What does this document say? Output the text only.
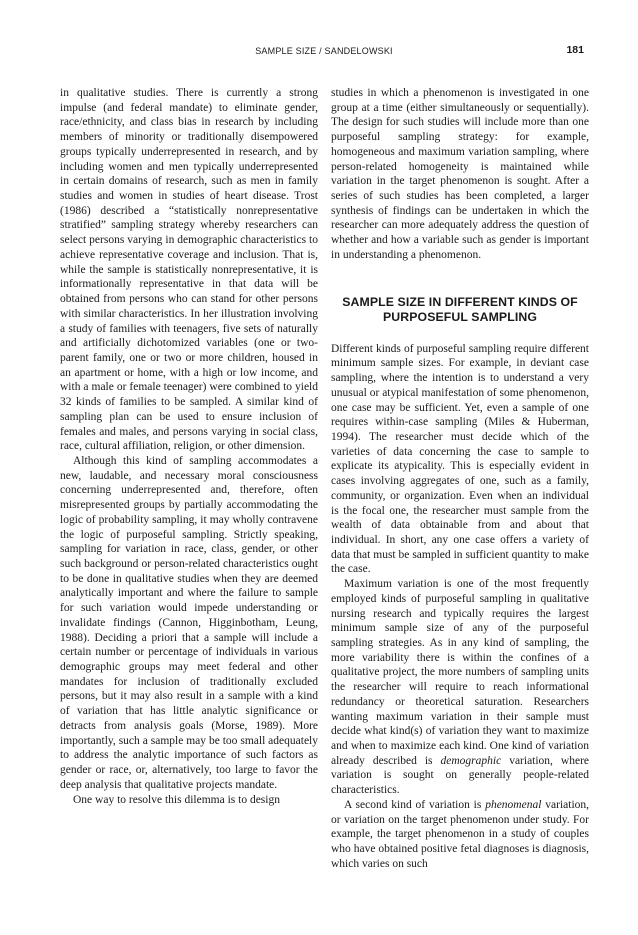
SAMPLE SIZE / SANDELOWSKI	181

in qualitative studies. There is currently a strong impulse (and federal mandate) to eliminate gender, race/ethnicity, and class bias in research by including members of minority or traditionally disempowered groups typically underrepresented in research, and by including women and men typically underrepresented in certain domains of research, such as men in family studies and women in studies of heart disease. Trost (1986) described a “statistically nonrepresentative stratified” sampling strategy whereby researchers can select persons varying in demographic characteristics to achieve representative coverage and inclusion. That is, while the sample is statistically nonrepresentative, it is informationally representative in that data will be obtained from persons who can stand for other persons with similar characteristics. In her illustration involving a study of families with teenagers, five sets of naturally and artificially dichotomized variables (one or two-parent family, one or two or more children, housed in an apartment or home, with a high or low income, and with a male or female teenager) were combined to yield 32 kinds of families to be sampled. A similar kind of sampling plan can be used to ensure inclusion of females and males, and persons varying in social class, race, cultural affiliation, religion, or other dimension.

Although this kind of sampling accommodates a new, laudable, and necessary moral consciousness concerning underrepresented and, therefore, often misrepresented groups by partially accommodating the logic of probability sampling, it may wholly contravene the logic of purposeful sampling. Strictly speaking, sampling for variation in race, class, gender, or other such background or person-related characteristics ought to be done in qualitative studies when they are deemed analytically important and where the failure to sample for such variation would impede understanding or invalidate findings (Cannon, Higginbotham, Leung, 1988). Deciding a priori that a sample will include a certain number or percentage of individuals in various demographic groups may meet federal and other mandates for inclusion of traditionally excluded persons, but it may also result in a sample with a kind of variation that has little analytic significance or detracts from analysis goals (Morse, 1989). More importantly, such a sample may be too small adequately to address the analytic importance of such factors as gender or race, or, alternatively, too large to favor the deep analysis that qualitative projects mandate.

One way to resolve this dilemma is to design

studies in which a phenomenon is investigated in one group at a time (either simultaneously or sequentially). The design for such studies will include more than one purposeful sampling strategy: for example, homogeneous and maximum variation sampling, where person-related homogeneity is maintained while variation in the target phenomenon is sought. After a series of such studies has been completed, a larger synthesis of findings can be undertaken in which the researcher can more adequately address the question of whether and how a variable such as gender is important in understanding a phenomenon.

SAMPLE SIZE IN DIFFERENT KINDS OF
PURPOSEFUL SAMPLING

Different kinds of purposeful sampling require different minimum sample sizes. For example, in deviant case sampling, where the intention is to understand a very unusual or atypical manifestation of some phenomenon, one case may be sufficient. Yet, even a sample of one requires within-case sampling (Miles & Huberman, 1994). The researcher must decide which of the varieties of data concerning the case to sample to explicate its atypicality. This is especially evident in cases involving aggregates of one, such as a family, community, or organization. Even when an individual is the focal one, the researcher must sample from the wealth of data obtainable from and about that individual. In short, any one case offers a variety of data that must be sampled in sufficient quantity to make the case.

Maximum variation is one of the most frequently employed kinds of purposeful sampling in qualitative nursing research and typically requires the largest minimum sample size of any of the purposeful sampling strategies. As in any kind of sampling, the more variability there is within the confines of a qualitative project, the more numbers of sampling units the researcher will require to reach informational redundancy or theoretical saturation. Researchers wanting maximum variation in their sample must decide what kind(s) of variation they want to maximize and when to maximize each kind. One kind of variation already described is demographic variation, where variation is sought on generally people-related characteristics.

A second kind of variation is phenomenal variation, or variation on the target phenomenon under study. For example, the target phenomenon in a study of couples who have obtained positive fetal diagnoses is diagnosis, which varies on such
